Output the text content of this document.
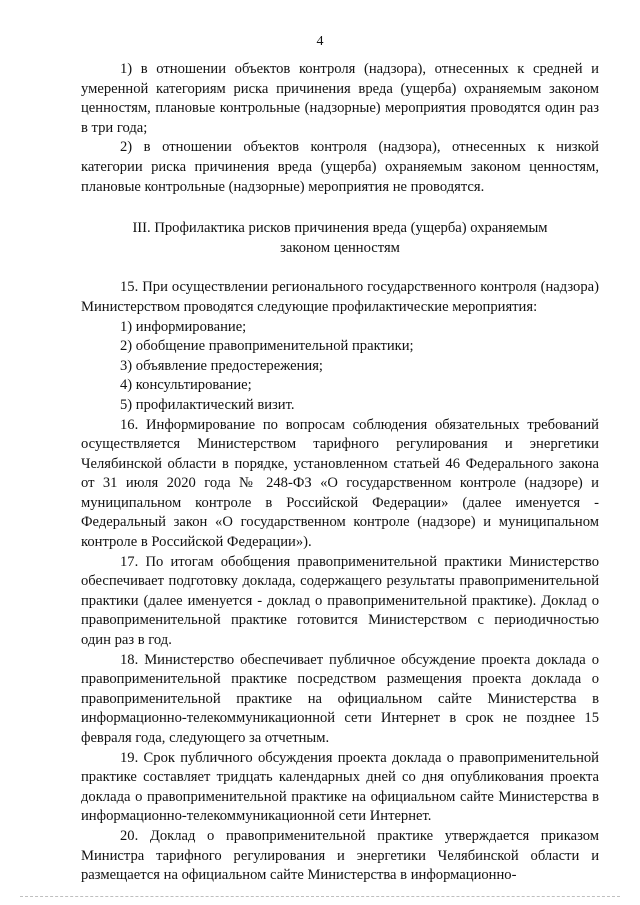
4

1) в отношении объектов контроля (надзора), отнесенных к средней и умеренной категориям риска причинения вреда (ущерба) охраняемым законом ценностям, плановые контрольные (надзорные) мероприятия проводятся один раз в три года;

2) в отношении объектов контроля (надзора), отнесенных к низкой категории риска причинения вреда (ущерба) охраняемым законом ценностям, плановые контрольные (надзорные) мероприятия не проводятся.

III. Профилактика рисков причинения вреда (ущерба) охраняемым законом ценностям

15. При осуществлении регионального государственного контроля (надзора) Министерством проводятся следующие профилактические мероприятия:

1) информирование;

2) обобщение правоприменительной практики;

3) объявление предостережения;

4) консультирование;

5) профилактический визит.

16. Информирование по вопросам соблюдения обязательных требований осуществляется Министерством тарифного регулирования и энергетики Челябинской области в порядке, установленном статьей 46 Федерального закона от 31 июля 2020 года № 248-ФЗ «О государственном контроле (надзоре) и муниципальном контроле в Российской Федерации» (далее именуется - Федеральный закон «О государственном контроле (надзоре) и муниципальном контроле в Российской Федерации»).

17. По итогам обобщения правоприменительной практики Министерство обеспечивает подготовку доклада, содержащего результаты правоприменительной практики (далее именуется - доклад о правоприменительной практике). Доклад о правоприменительной практике готовится Министерством с периодичностью один раз в год.

18. Министерство обеспечивает публичное обсуждение проекта доклада о правоприменительной практике посредством размещения проекта доклада о правоприменительной практике на официальном сайте Министерства в информационно-телекоммуникационной сети Интернет в срок не позднее 15 февраля года, следующего за отчетным.

19. Срок публичного обсуждения проекта доклада о правоприменительной практике составляет тридцать календарных дней со дня опубликования проекта доклада о правоприменительной практике на официальном сайте Министерства в информационно-телекоммуникационной сети Интернет.

20. Доклад о правоприменительной практике утверждается приказом Министра тарифного регулирования и энергетики Челябинской области и размещается на официальном сайте Министерства в информационно-
